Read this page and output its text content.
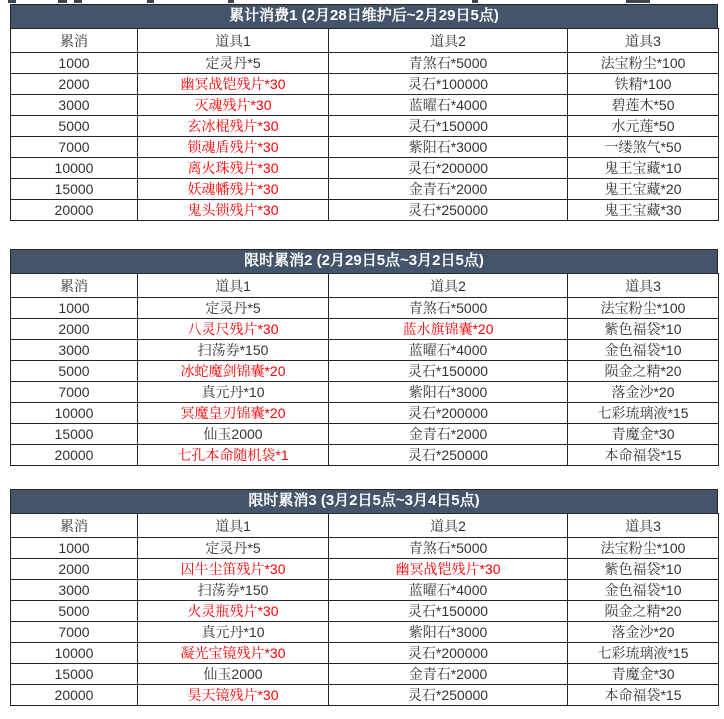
累计消费1 (2月28日维护后~2月29日5点)
累消	道具1	道具2	道具3
1000	定灵丹*5	青煞石*5000	法宝粉尘*100
2000	幽冥战铠残片*30	灵石*100000	铁精*100
3000	灭魂残片*30	蓝曜石*4000	碧莲木*50
5000	玄冰棍残片*30	灵石*150000	水元莲*50
7000	锁魂盾残片*30	紫阳石*3000	一缕煞气*50
10000	离火珠残片*30	灵石*200000	鬼王宝藏*10
15000	妖魂幡残片*30	金青石*2000	鬼王宝藏*20
20000	鬼头锁残片*30	灵石*250000	鬼王宝藏*30
限时累消2 (2月29日5点~3月2日5点)
累消	道具1	道具2	道具3
1000	定灵丹*5	青煞石*5000	法宝粉尘*100
2000	八灵尺残片*30	蓝水旗锦囊*20	紫色福袋*10
3000	扫荡券*150	蓝曜石*4000	金色福袋*10
5000	冰蛇魔剑锦囊*20	灵石*150000	陨金之精*20
7000	真元丹*10	紫阳石*3000	落金沙*20
10000	冥魔皇刃锦囊*20	灵石*200000	七彩琉璃液*15
15000	仙玉2000	金青石*2000	青魔金*30
20000	七孔本命随机袋*1	灵石*250000	本命福袋*15
限时累消3 (3月2日5点~3月4日5点)
累消	道具1	道具2	道具3
1000	定灵丹*5	青煞石*5000	法宝粉尘*100
2000	囚牛尘笛残片*30	幽冥战铠残片*30	紫色福袋*10
3000	扫荡券*150	蓝曜石*4000	金色福袋*10
5000	火灵瓶残片*30	灵石*150000	陨金之精*20
7000	真元丹*10	紫阳石*3000	落金沙*20
10000	凝光宝镜残片*30	灵石*200000	七彩琉璃液*15
15000	仙玉2000	金青石*2000	青魔金*30
20000	昊天镜残片*30	灵石*250000	本命福袋*15
